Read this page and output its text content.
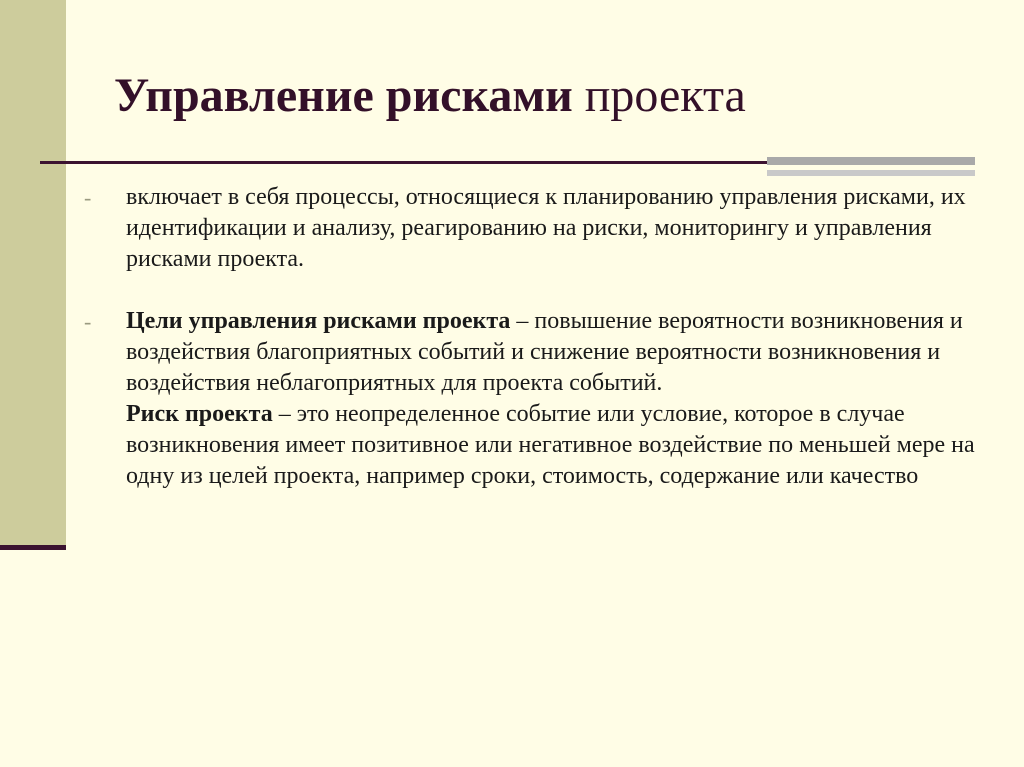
Управление рисками проекта
- включает в себя процессы, относящиеся к планированию управления рисками, их идентификации и анализу, реагированию на риски, мониторингу и управления рисками проекта.

- Цели управления рисками проекта – повышение вероятности возникновения и воздействия благоприятных событий и снижение вероятности возникновения и воздействия неблагоприятных для проекта событий.

Риск проекта – это неопределенное событие или условие, которое в случае возникновения имеет позитивное или негативное воздействие по меньшей мере на одну из целей проекта, например сроки, стоимость, содержание или качество
